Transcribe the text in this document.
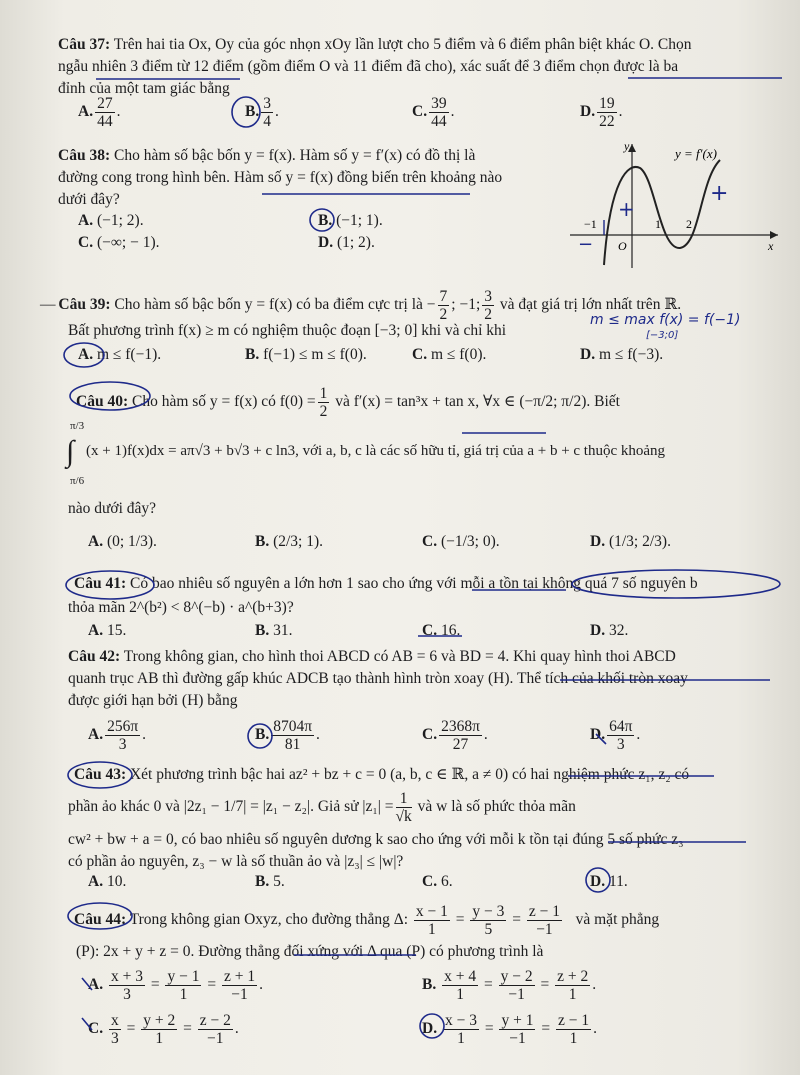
Câu 37: Trên hai tia Ox, Oy của góc nhọn xOy lần lượt cho 5 điểm và 6 điểm phân biệt khác O. Chọn
ngẫu nhiên 3 điểm từ 12 điểm (gồm điểm O và 11 điểm đã cho), xác suất để 3 điểm chọn được là ba
đỉnh của một tam giác bằng
A. $\frac{27}{44}$ .	B. $\frac{3}{4}$ .	C. $\frac{39}{44}$ .	D. $\frac{19}{22}$ .
Câu 38: Cho hàm số bậc bốn y = f(x). Hàm số y = f′(x) có đồ thị là
đường cong trong hình bên. Hàm số y = f(x) đồng biến trên khoảng nào
dưới đây?
A. (−1; 2).	B. (−1; 1).
C. (−∞; − 1).	D. (1; 2).
y
x
y = f′(x)
O
−1	1 2
+
+
−
— Câu 39: Cho hàm số bậc bốn y = f(x) có ba điểm cực trị là − $\frac{7}{2}$ ; −1; $\frac{3}{2}$ và đạt giá trị lớn nhất trên ℝ.
Bất phương trình f(x) ≥ m có nghiệm thuộc đoạn [−3; 0] khi và chỉ khi
A. m ≤ f(−1).	B. f(−1) ≤ m ≤ f(0).	C. m ≤ f(0).	D. m ≤ f(−3).
m ≤ max f(x) = f(−1)
[−3;0]
Câu 40: Cho hàm số y = f(x) có $f(0) = \frac{1}{2}$ và f′(x) = tan³x + tan x, ∀x ∈ (−π/2; π/2). Biết
π/3
∫
π/6
(x + 1)f(x)dx = aπ√3 + b√3 + c ln3, với a, b, c là các số hữu tỉ, giá trị của a + b + c thuộc khoảng
nào dưới đây?
A. (0; 1/3).	B. (2/3; 1).	C. (−1/3; 0).	D. (1/3; 2/3).
Câu 41: Có bao nhiêu số nguyên a lớn hơn 1 sao cho ứng với mỗi a tồn tại không quá 7 số nguyên b
thỏa mãn 2^(b²) < 8^(−b) · a^(b+3)?
A. 15.	B. 31.	C. 16.	D. 32.
Câu 42: Trong không gian, cho hình thoi ABCD có AB = 6 và BD = 4. Khi quay hình thoi ABCD
quanh trục AB thì đường gấp khúc ADCB tạo thành hình tròn xoay (H). Thể tích của khối tròn xoay
được giới hạn bởi (H) bằng
A. $\frac{256\pi}{3}$ .	B. $\frac{8704\pi}{81}$ .	C. $\frac{2368\pi}{27}$ .	D. $\frac{64\pi}{3}$ .
Câu 43: Xét phương trình bậc hai az² + bz + c = 0 (a, b, c ∈ ℝ, a ≠ 0) có hai nghiệm phức z₁, z₂ có
phần ảo khác 0 và |2z₁ − 1/7| = |z₁ − z₂|. Giả sử $|z_1| = \frac{1}{√k}$ và w là số phức thỏa mãn
cw² + bw + a = 0, có bao nhiêu số nguyên dương k sao cho ứng với mỗi k tồn tại đúng 5 số phức z₃
có phần ảo nguyên, z₃ − w là số thuần ảo và |z₃| ≤ |w|?
A. 10.	B. 5.	C. 6.	D. 11.
Câu 44: Trong không gian Oxyz, cho đường thẳng Δ: $\frac{x - 1}{1} = \frac{y - 3}{5} = \frac{z - 1}{-1}$ và mặt phẳng
(P): 2x + y + z = 0. Đường thẳng đối xứng với Δ qua (P) có phương trình là
A. $\frac{x + 3}{3} = \frac{y - 1}{1} = \frac{z + 1}{-1}$ .	B. $\frac{x + 4}{1} = \frac{y - 2}{-1} = \frac{z + 2}{1}$ .
C. $\frac{x}{3} = \frac{y + 2}{1} = \frac{z - 2}{-1}$ .	D. $\frac{x - 3}{1} = \frac{y + 1}{-1} = \frac{z - 1}{1}$ .
